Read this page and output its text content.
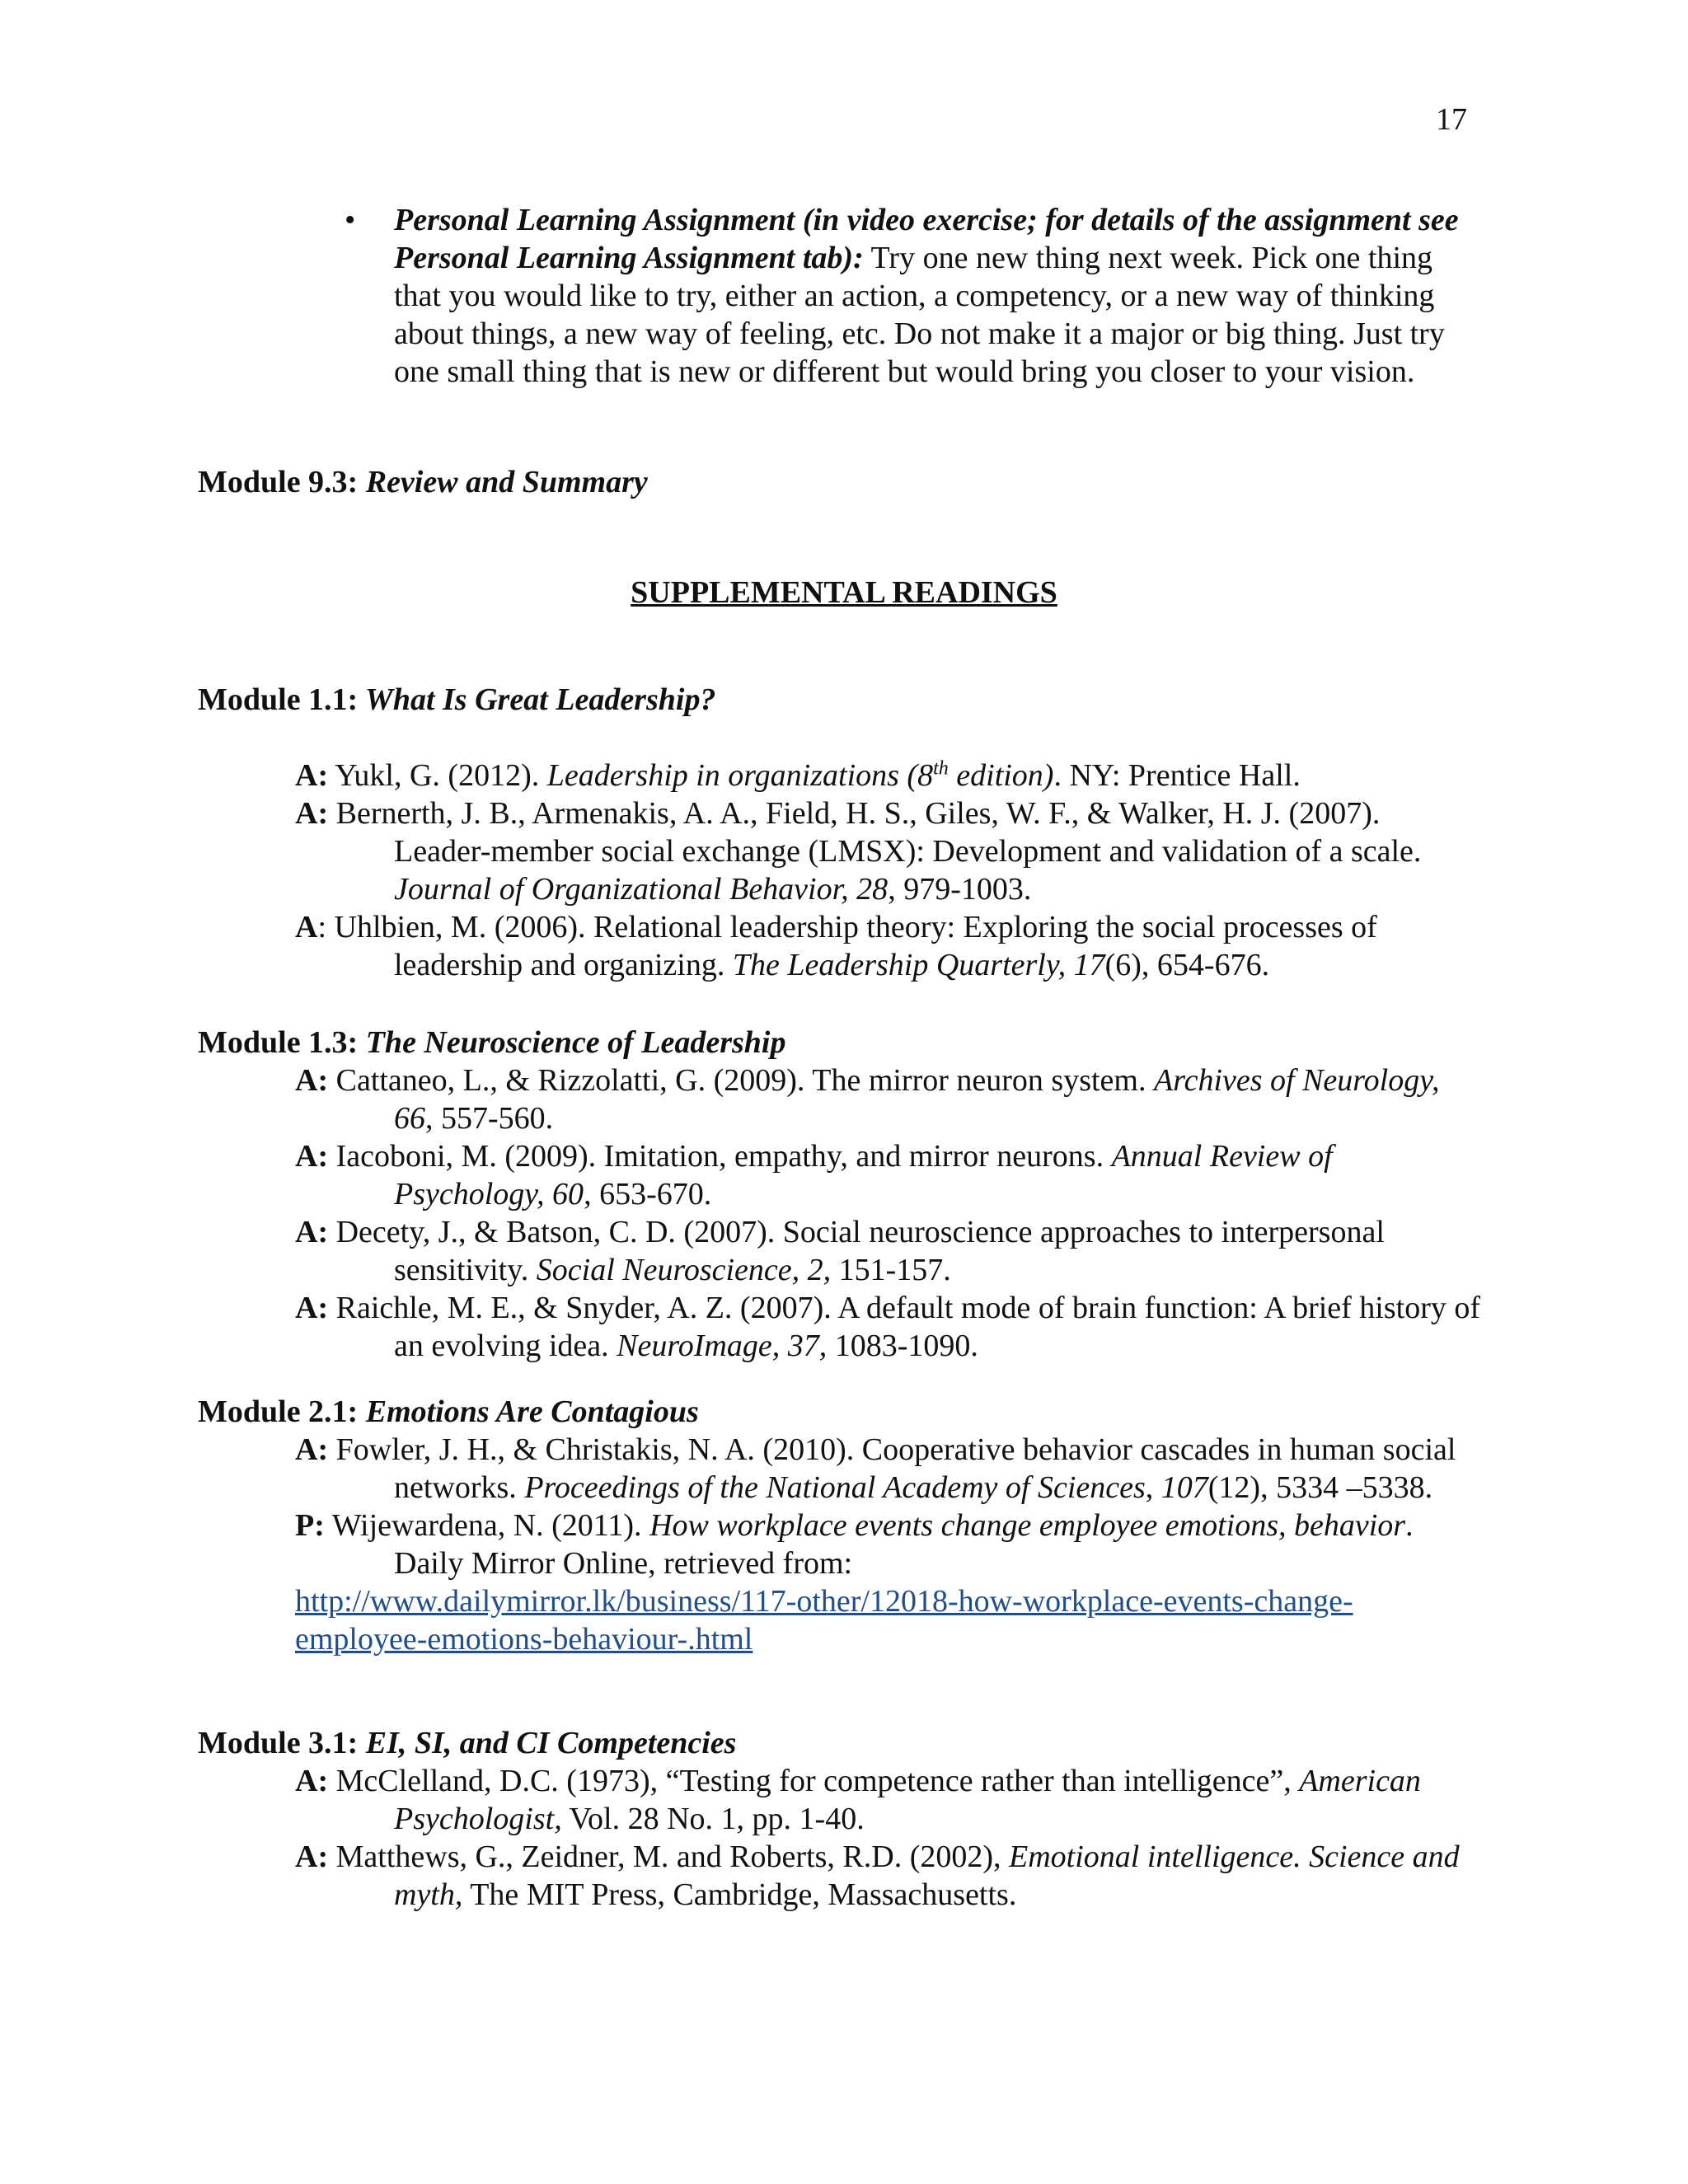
17
• Personal Learning Assignment (in video exercise; for details of the assignment see Personal Learning Assignment tab): Try one new thing next week. Pick one thing that you would like to try, either an action, a competency, or a new way of thinking about things, a new way of feeling, etc. Do not make it a major or big thing. Just try one small thing that is new or different but would bring you closer to your vision.
Module 9.3: Review and Summary
SUPPLEMENTAL READINGS
Module 1.1: What Is Great Leadership?
A: Yukl, G. (2012). Leadership in organizations (8th edition). NY: Prentice Hall.
A: Bernerth, J. B., Armenakis, A. A., Field, H. S., Giles, W. F., & Walker, H. J. (2007). Leader-member social exchange (LMSX): Development and validation of a scale. Journal of Organizational Behavior, 28, 979-1003.
A: Uhlbien, M. (2006). Relational leadership theory: Exploring the social processes of leadership and organizing. The Leadership Quarterly, 17(6), 654-676.
Module 1.3: The Neuroscience of Leadership
A: Cattaneo, L., & Rizzolatti, G. (2009). The mirror neuron system. Archives of Neurology, 66, 557-560.
A: Iacoboni, M. (2009). Imitation, empathy, and mirror neurons. Annual Review of Psychology, 60, 653-670.
A: Decety, J., & Batson, C. D. (2007). Social neuroscience approaches to interpersonal sensitivity. Social Neuroscience, 2, 151-157.
A: Raichle, M. E., & Snyder, A. Z. (2007). A default mode of brain function: A brief history of an evolving idea. NeuroImage, 37, 1083-1090.
Module 2.1: Emotions Are Contagious
A: Fowler, J. H., & Christakis, N. A. (2010). Cooperative behavior cascades in human social networks. Proceedings of the National Academy of Sciences, 107(12), 5334 –5338.
P: Wijewardena, N. (2011). How workplace events change employee emotions, behavior. Daily Mirror Online, retrieved from:
http://www.dailymirror.lk/business/117-other/12018-how-workplace-events-change-
employee-emotions-behaviour-.html
Module 3.1: EI, SI, and CI Competencies
A: McClelland, D.C. (1973), “Testing for competence rather than intelligence”, American Psychologist, Vol. 28 No. 1, pp. 1-40.
A: Matthews, G., Zeidner, M. and Roberts, R.D. (2002), Emotional intelligence. Science and myth, The MIT Press, Cambridge, Massachusetts.
